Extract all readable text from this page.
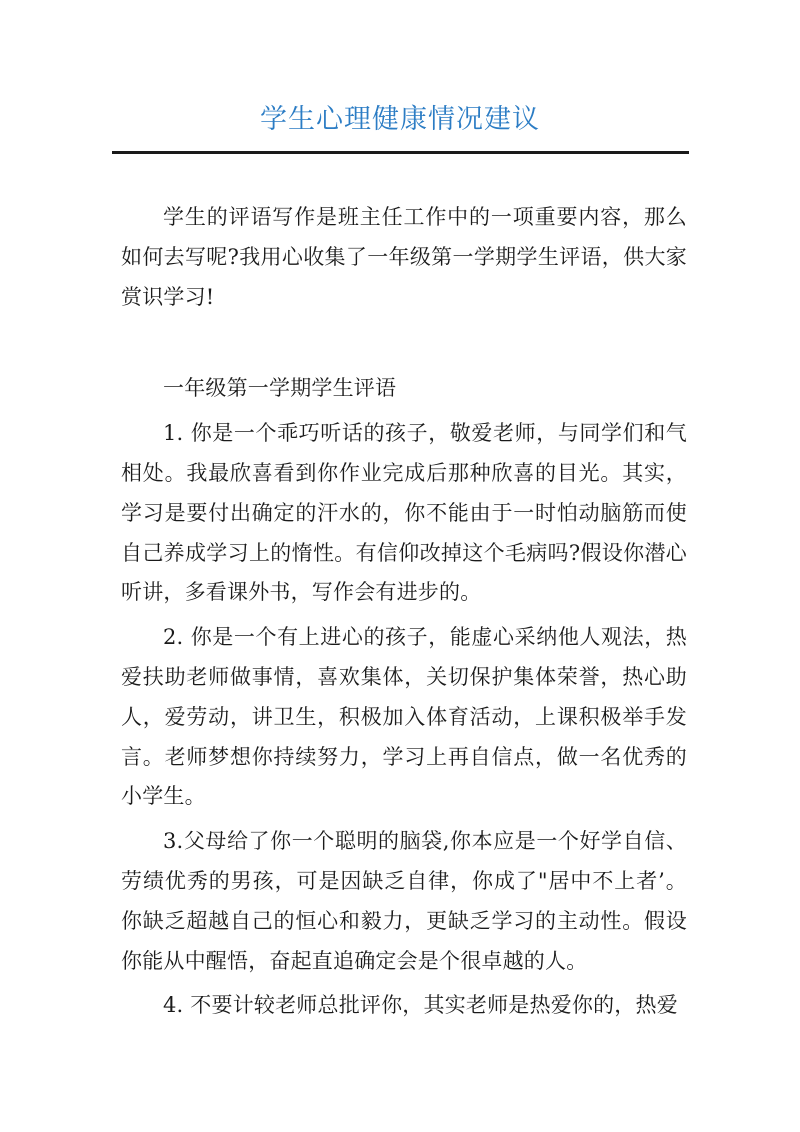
学生心理健康情况建议

学生的评语写作是班主任工作中的一项重要内容，那么如何去写呢?我用心收集了一年级第一学期学生评语，供大家赏识学习!

一年级第一学期学生评语

1. 你是一个乖巧听话的孩子，敬爱老师，与同学们和气相处。我最欣喜看到你作业完成后那种欣喜的目光。其实，学习是要付出确定的汗水的，你不能由于一时怕动脑筋而使自己养成学习上的惰性。有信仰改掉这个毛病吗?假设你潜心听讲，多看课外书，写作会有进步的。

2. 你是一个有上进心的孩子，能虚心采纳他人观法，热爱扶助老师做事情，喜欢集体，关切保护集体荣誉，热心助人，爱劳动，讲卫生，积极加入体育活动，上课积极举手发言。老师梦想你持续努力，学习上再自信点，做一名优秀的小学生。

3.父母给了你一个聪明的脑袋,你本应是一个好学自信、劳绩优秀的男孩，可是因缺乏自律，你成了"居中不上者’。你缺乏超越自己的恒心和毅力，更缺乏学习的主动性。假设你能从中醒悟，奋起直追确定会是个很卓越的人。

4. 不要计较老师总批评你，其实老师是热爱你的，热爱
